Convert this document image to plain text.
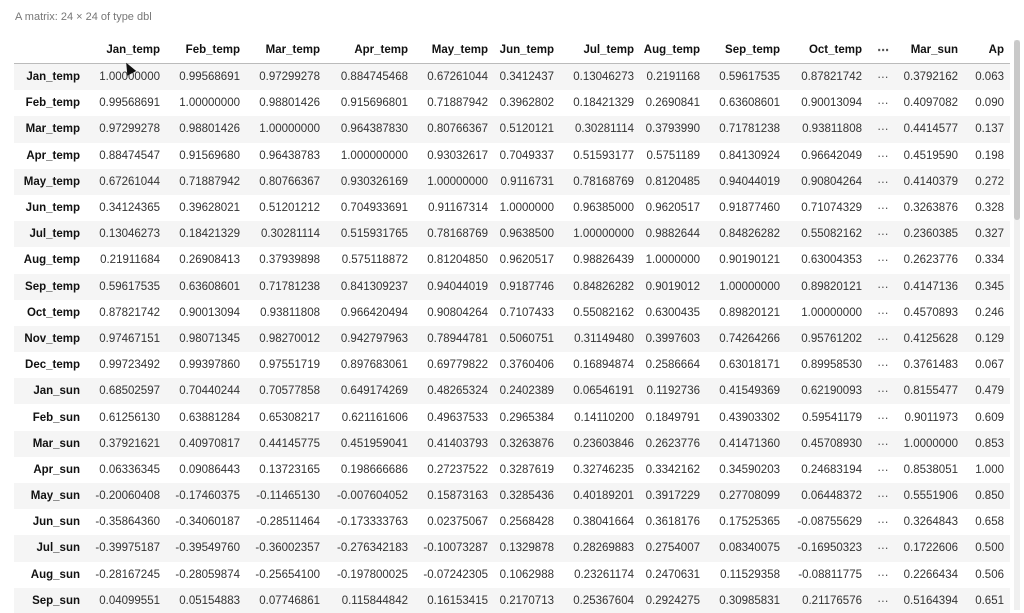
A matrix: 24 × 24 of type dbl
	Jan_temp	Feb_temp	Mar_temp	Apr_temp	May_temp	Jun_temp	Jul_temp	Aug_temp	Sep_temp	Oct_temp	⋯	Mar_sun	Ap
Jan_temp	1.00000000	0.99568691	0.97299278	0.884745468	0.67261044	0.3412437	0.13046273	0.2191168	0.59617535	0.87821742	⋯	0.3792162	0.063
Feb_temp	0.99568691	1.00000000	0.98801426	0.915696801	0.71887942	0.3962802	0.18421329	0.2690841	0.63608601	0.90013094	⋯	0.4097082	0.090
Mar_temp	0.97299278	0.98801426	1.00000000	0.964387830	0.80766367	0.5120121	0.30281114	0.3793990	0.71781238	0.93811808	⋯	0.4414577	0.137
Apr_temp	0.88474547	0.91569680	0.96438783	1.000000000	0.93032617	0.7049337	0.51593177	0.5751189	0.84130924	0.96642049	⋯	0.4519590	0.198
May_temp	0.67261044	0.71887942	0.80766367	0.930326169	1.00000000	0.9116731	0.78168769	0.8120485	0.94044019	0.90804264	⋯	0.4140379	0.272
Jun_temp	0.34124365	0.39628021	0.51201212	0.704933691	0.91167314	1.0000000	0.96385000	0.9620517	0.91877460	0.71074329	⋯	0.3263876	0.328
Jul_temp	0.13046273	0.18421329	0.30281114	0.515931765	0.78168769	0.9638500	1.00000000	0.9882644	0.84826282	0.55082162	⋯	0.2360385	0.327
Aug_temp	0.21911684	0.26908413	0.37939898	0.575118872	0.81204850	0.9620517	0.98826439	1.0000000	0.90190121	0.63004353	⋯	0.2623776	0.334
Sep_temp	0.59617535	0.63608601	0.71781238	0.841309237	0.94044019	0.9187746	0.84826282	0.9019012	1.00000000	0.89820121	⋯	0.4147136	0.345
Oct_temp	0.87821742	0.90013094	0.93811808	0.966420494	0.90804264	0.7107433	0.55082162	0.6300435	0.89820121	1.00000000	⋯	0.4570893	0.246
Nov_temp	0.97467151	0.98071345	0.98270012	0.942797963	0.78944781	0.5060751	0.31149480	0.3997603	0.74264266	0.95761202	⋯	0.4125628	0.129
Dec_temp	0.99723492	0.99397860	0.97551719	0.897683061	0.69779822	0.3760406	0.16894874	0.2586664	0.63018171	0.89958530	⋯	0.3761483	0.067
Jan_sun	0.68502597	0.70440244	0.70577858	0.649174269	0.48265324	0.2402389	0.06546191	0.1192736	0.41549369	0.62190093	⋯	0.8155477	0.479
Feb_sun	0.61256130	0.63881284	0.65308217	0.621161606	0.49637533	0.2965384	0.14110200	0.1849791	0.43903302	0.59541179	⋯	0.9011973	0.609
Mar_sun	0.37921621	0.40970817	0.44145775	0.451959041	0.41403793	0.3263876	0.23603846	0.2623776	0.41471360	0.45708930	⋯	1.0000000	0.853
Apr_sun	0.06336345	0.09086443	0.13723165	0.198666686	0.27237522	0.3287619	0.32746235	0.3342162	0.34590203	0.24683194	⋯	0.8538051	1.000
May_sun	-0.20060408	-0.17460375	-0.11465130	-0.007604052	0.15873163	0.3285436	0.40189201	0.3917229	0.27708099	0.06448372	⋯	0.5551906	0.850
Jun_sun	-0.35864360	-0.34060187	-0.28511464	-0.173333763	0.02375067	0.2568428	0.38041664	0.3618176	0.17525365	-0.08755629	⋯	0.3264843	0.658
Jul_sun	-0.39975187	-0.39549760	-0.36002357	-0.276342183	-0.10073287	0.1329878	0.28269883	0.2754007	0.08340075	-0.16950323	⋯	0.1722606	0.500
Aug_sun	-0.28167245	-0.28059874	-0.25654100	-0.197800025	-0.07242305	0.1062988	0.23261174	0.2470631	0.11529358	-0.08811775	⋯	0.2266434	0.506
Sep_sun	0.04099551	0.05154883	0.07746861	0.115844842	0.16153415	0.2170713	0.25367604	0.2924275	0.30985831	0.21176576	⋯	0.5164394	0.651
